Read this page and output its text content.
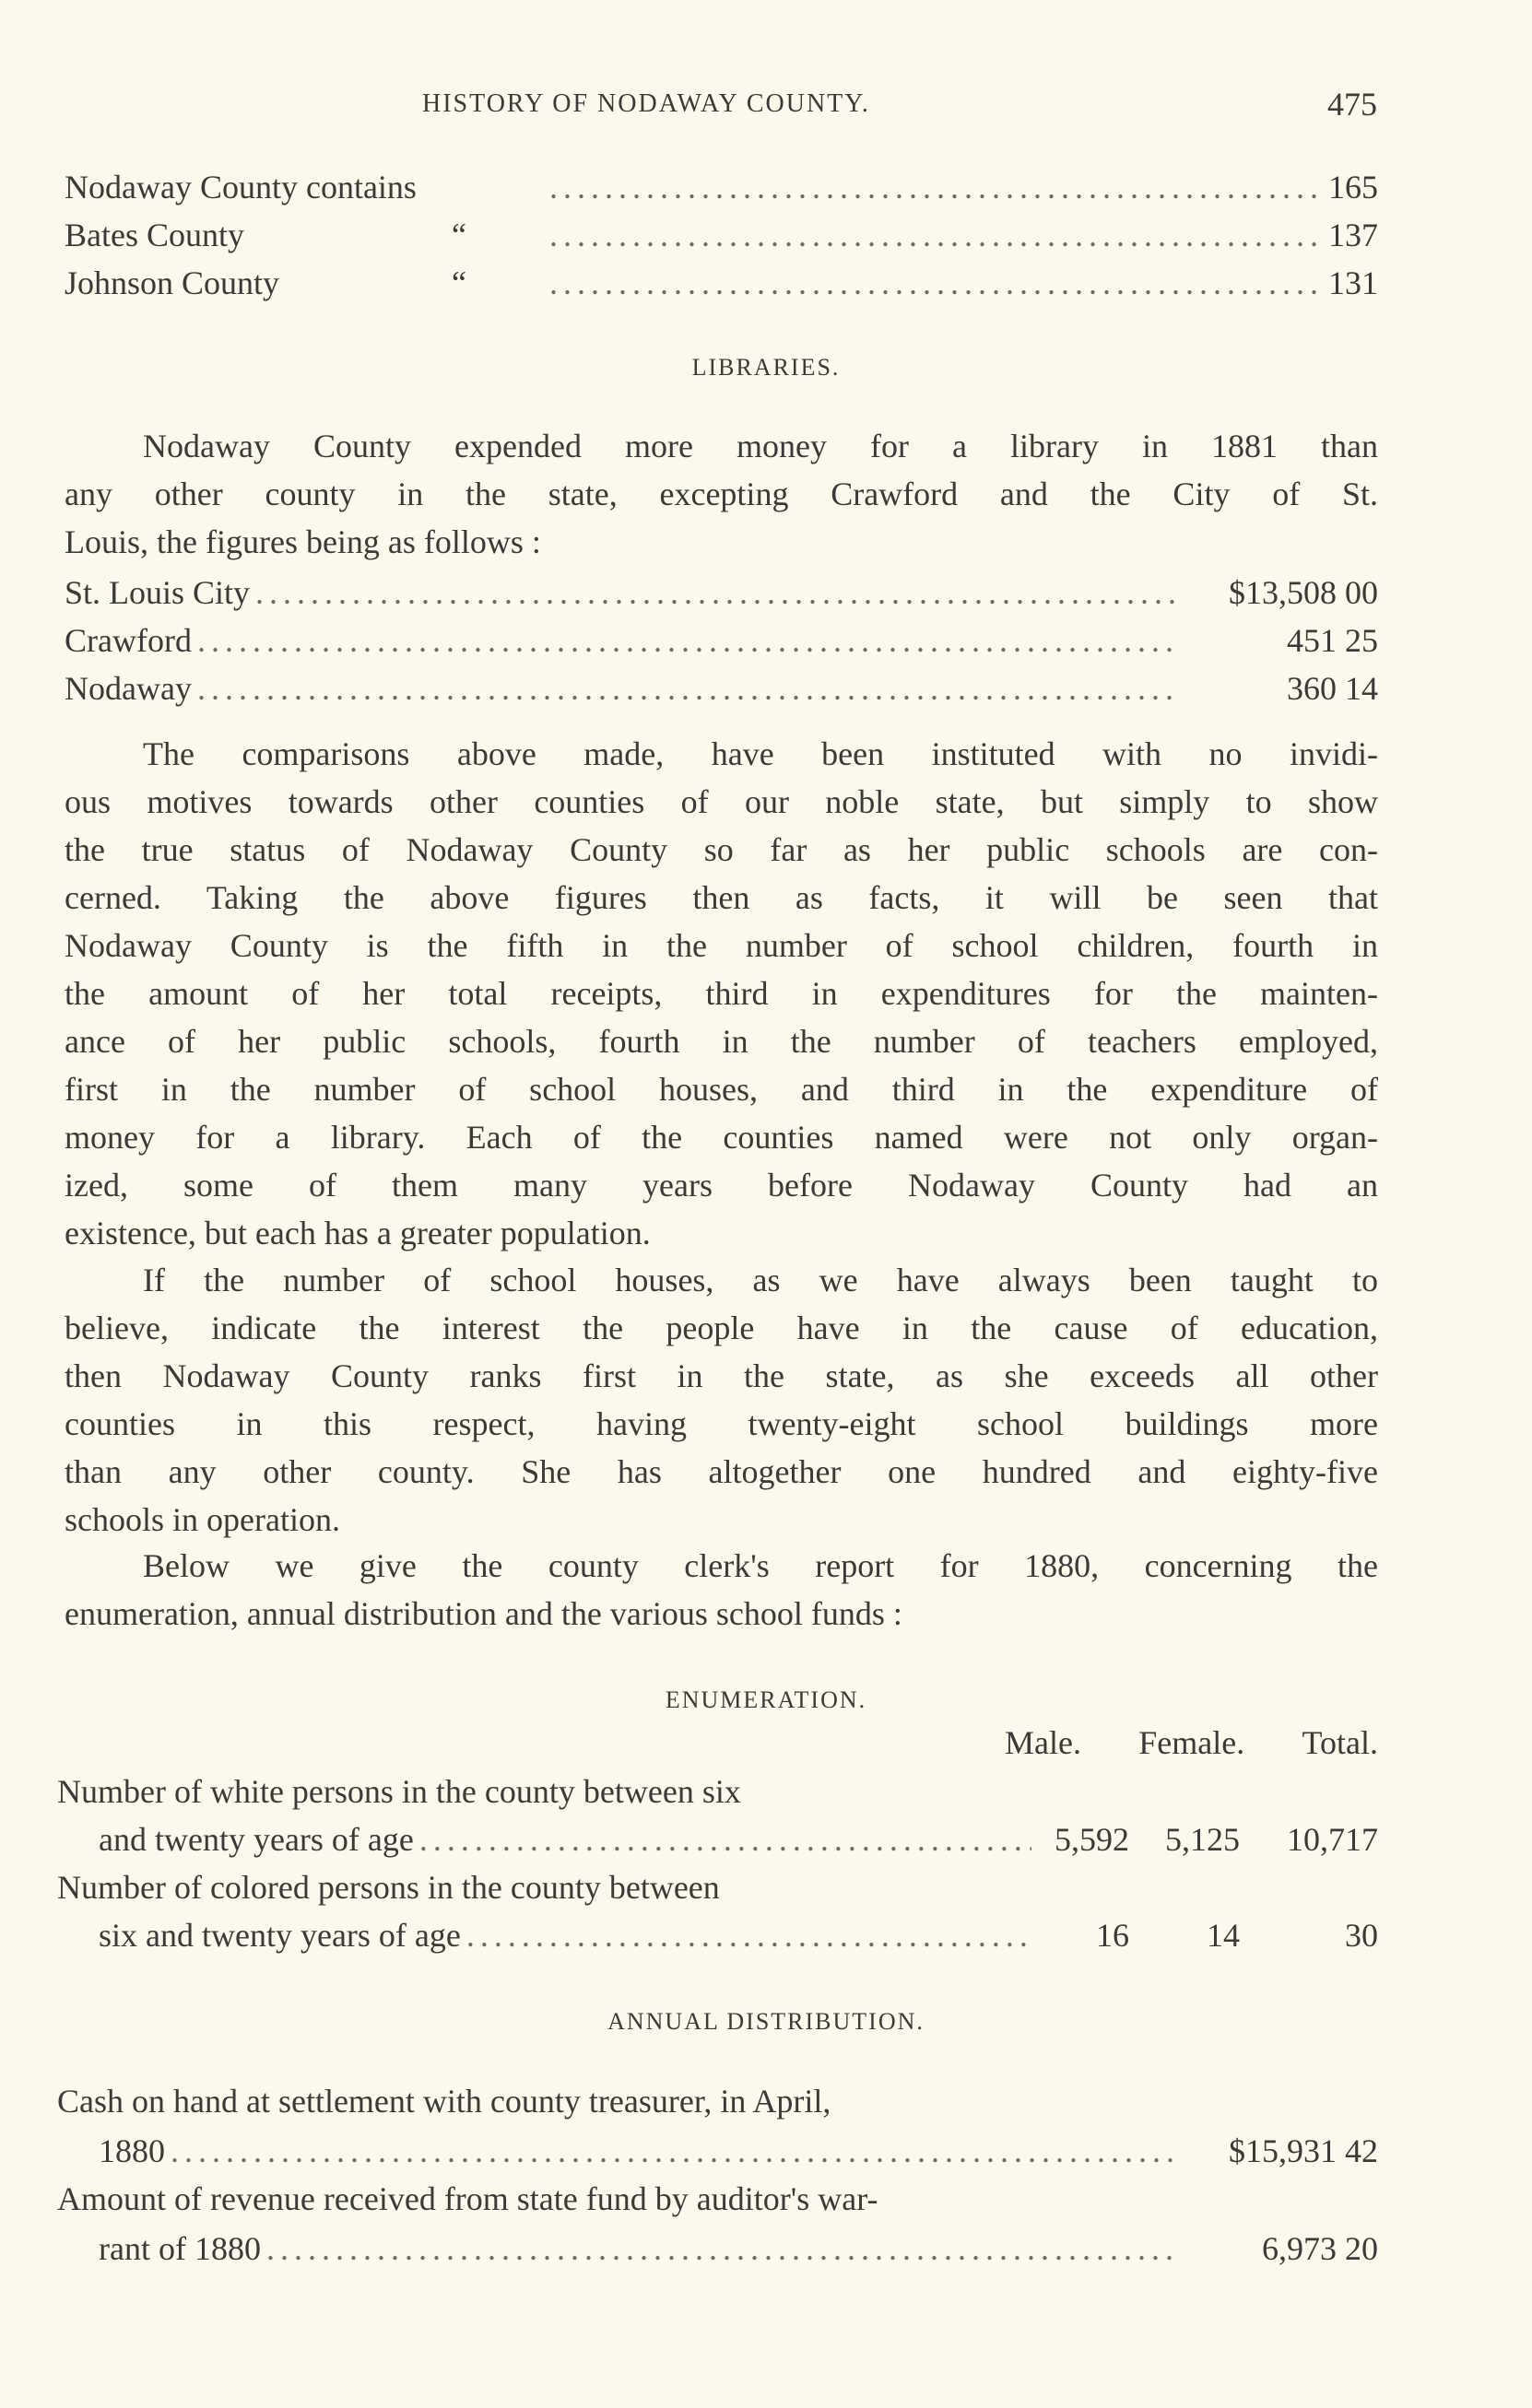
HISTORY OF NODAWAY COUNTY.	475
Nodaway County contains .....	165
Bates County	“ .....	137
Johnson County	“ .....	131
LIBRARIES.
Nodaway County expended more money for a library in 1881 than
any other county in the state, excepting Crawford and the City of St.
Louis, the figures being as follows :
St. Louis City .....	$13,508 00
Crawford .....	451 25
Nodaway .....	360 14
The comparisons above made, have been instituted with no invidi-
ous motives towards other counties of our noble state, but simply to show
the true status of Nodaway County so far as her public schools are con-
cerned. Taking the above figures then as facts, it will be seen that
Nodaway County is the fifth in the number of school children, fourth in
the amount of her total receipts, third in expenditures for the mainten-
ance of her public schools, fourth in the number of teachers employed,
first in the number of school houses, and third in the expenditure of
money for a library. Each of the counties named were not only organ-
ized, some of them many years before Nodaway County had an
existence, but each has a greater population.
If the number of school houses, as we have always been taught to
believe, indicate the interest the people have in the cause of education,
then Nodaway County ranks first in the state, as she exceeds all other
counties in this respect, having twenty-eight school buildings more
than any other county. She has altogether one hundred and eighty-five
schools in operation.
Below we give the county clerk's report for 1880, concerning the
enumeration, annual distribution and the various school funds :
ENUMERATION.
Male. Female. Total.
Number of white persons in the county between six
and twenty years of age .....	5,592	5,125	10,717
Number of colored persons in the county between
six and twenty years of age .....	16	14	30
ANNUAL DISTRIBUTION.
Cash on hand at settlement with county treasurer, in April,
1880 .....	$15,931 42
Amount of revenue received from state fund by auditor's war-
rant of 1880 .....	6,973 20
